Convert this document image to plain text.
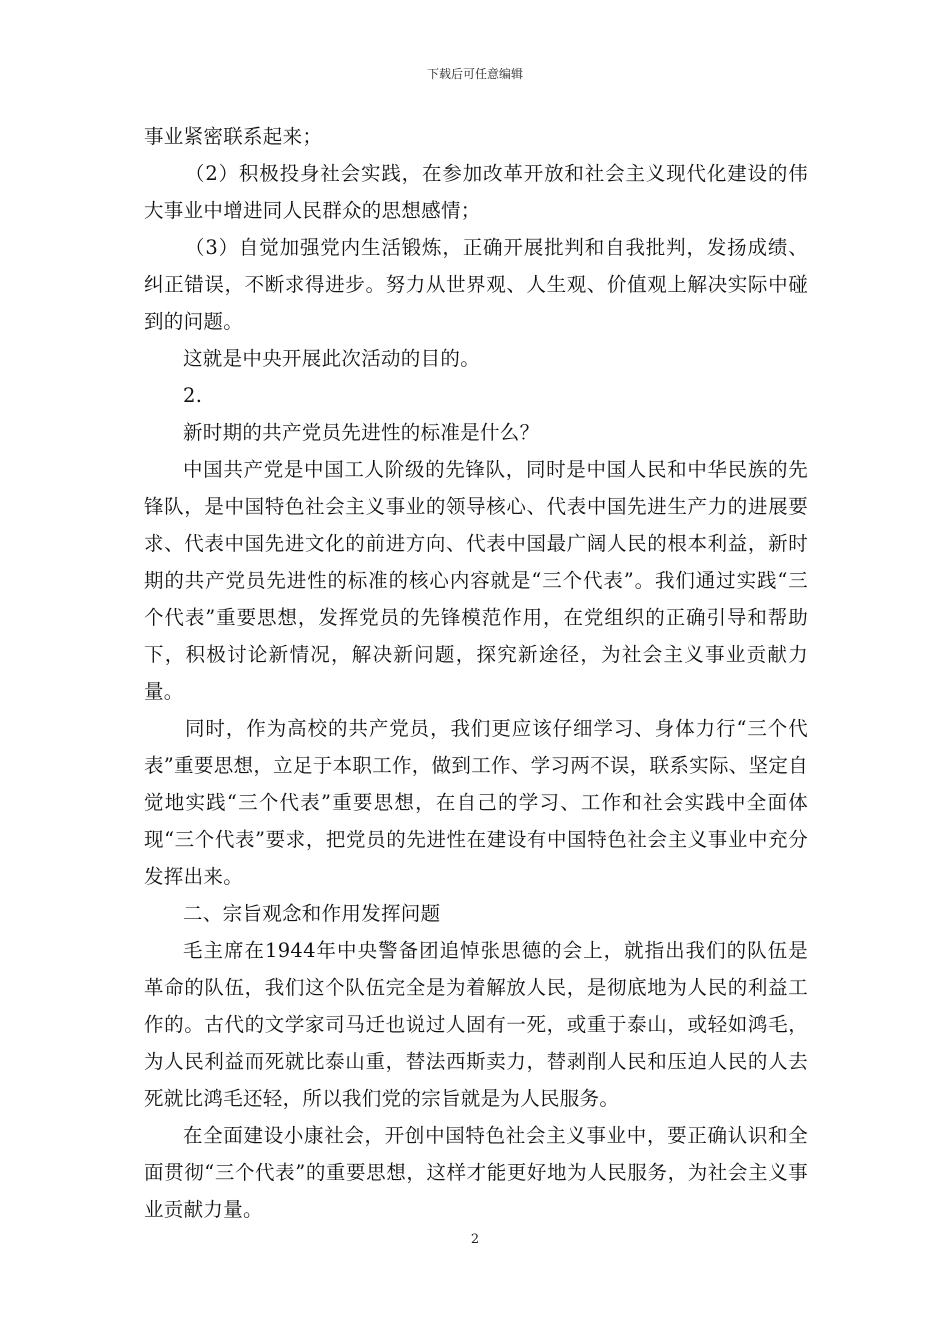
下载后可任意编辑

事业紧密联系起来；

（2）积极投身社会实践，在参加改革开放和社会主义现代化建设的伟大事业中增进同人民群众的思想感情；

（3）自觉加强党内生活锻炼，正确开展批判和自我批判，发扬成绩、纠正错误，不断求得进步。努力从世界观、人生观、价值观上解决实际中碰到的问题。

这就是中央开展此次活动的目的。

2.

新时期的共产党员先进性的标准是什么？

中国共产党是中国工人阶级的先锋队，同时是中国人民和中华民族的先锋队，是中国特色社会主义事业的领导核心、代表中国先进生产力的进展要求、代表中国先进文化的前进方向、代表中国最广阔人民的根本利益，新时期的共产党员先进性的标准的核心内容就是“三个代表”。我们通过实践“三个代表”重要思想，发挥党员的先锋模范作用，在党组织的正确引导和帮助下，积极讨论新情况，解决新问题，探究新途径，为社会主义事业贡献力量。

同时，作为高校的共产党员，我们更应该仔细学习、身体力行“三个代表”重要思想，立足于本职工作，做到工作、学习两不误，联系实际、坚定自觉地实践“三个代表”重要思想，在自己的学习、工作和社会实践中全面体现“三个代表”要求，把党员的先进性在建设有中国特色社会主义事业中充分发挥出来。

二、宗旨观念和作用发挥问题

毛主席在1944年中央警备团追悼张思德的会上，就指出我们的队伍是革命的队伍，我们这个队伍完全是为着解放人民，是彻底地为人民的利益工作的。古代的文学家司马迁也说过人固有一死，或重于泰山，或轻如鸿毛，为人民利益而死就比泰山重，替法西斯卖力，替剥削人民和压迫人民的人去死就比鸿毛还轻，所以我们党的宗旨就是为人民服务。

在全面建设小康社会，开创中国特色社会主义事业中，要正确认识和全面贯彻“三个代表”的重要思想，这样才能更好地为人民服务，为社会主义事业贡献力量。

2
